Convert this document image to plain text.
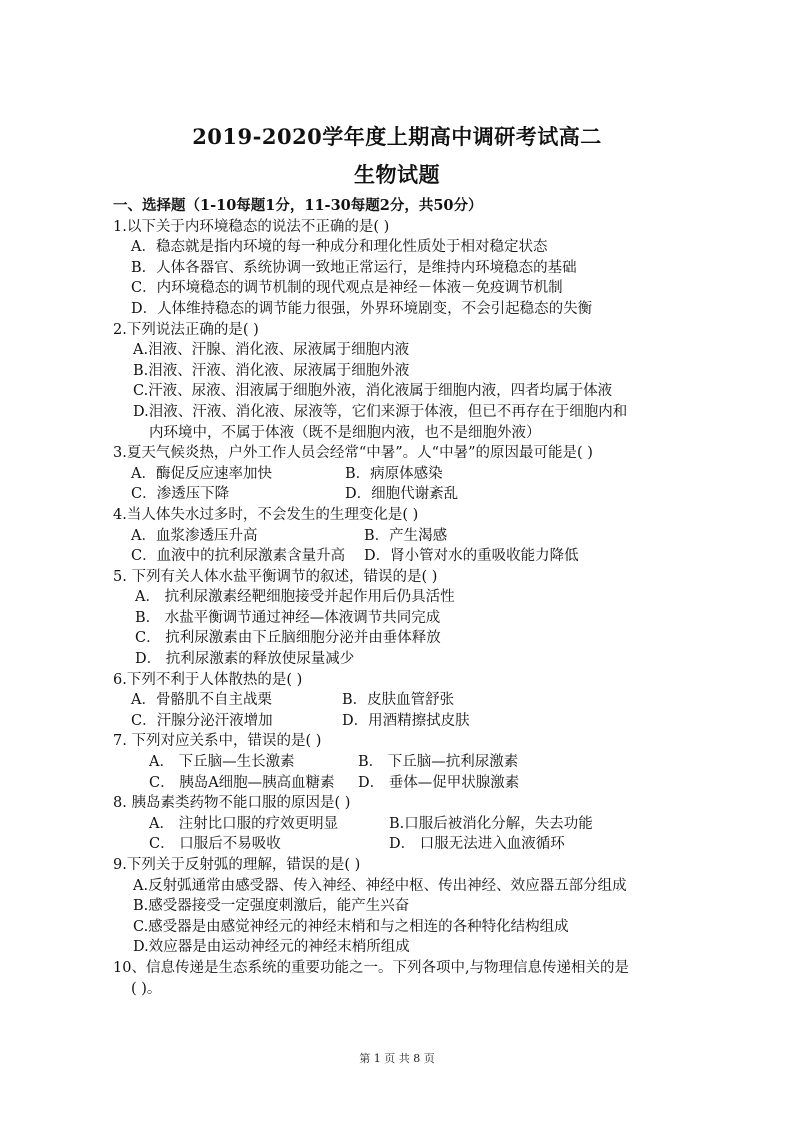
2019-2020学年度上期高中调研考试高二
生物试题
一、选择题（1-10每题1分，11-30每题2分，共50分）
1.以下关于内环境稳态的说法不正确的是( )
A．稳态就是指内环境的每一种成分和理化性质处于相对稳定状态
B．人体各器官、系统协调一致地正常运行，是维持内环境稳态的基础
C．内环境稳态的调节机制的现代观点是神经－体液－免疫调节机制
D．人体维持稳态的调节能力很强，外界环境剧变，不会引起稳态的失衡
2.下列说法正确的是( )
A.泪液、汗腺、消化液、尿液属于细胞内液
B.泪液、汗液、消化液、尿液属于细胞外液
C.汗液、尿液、泪液属于细胞外液，消化液属于细胞内液，四者均属于体液
D.泪液、汗液、消化液、尿液等，它们来源于体液，但已不再存在于细胞内和
内环境中，不属于体液（既不是细胞内液，也不是细胞外液）
3.夏天气候炎热，户外工作人员会经常“中暑”。人“中暑”的原因最可能是( )
A．酶促反应速率加快	B．病原体感染
C．渗透压下降	D．细胞代谢紊乱
4.当人体失水过多时，不会发生的生理变化是( )
A．血浆渗透压升高	B．产生渴感
C．血液中的抗利尿激素含量升高	D．肾小管对水的重吸收能力降低
5. 下列有关人体水盐平衡调节的叙述，错误的是( )
A． 抗利尿激素经靶细胞接受并起作用后仍具活性
B． 水盐平衡调节通过神经—体液调节共同完成
C． 抗利尿激素由下丘脑细胞分泌并由垂体释放
D． 抗利尿激素的释放使尿量减少
6.下列不利于人体散热的是( )
A．骨骼肌不自主战栗	B．皮肤血管舒张
C．汗腺分泌汗液增加	D．用酒精擦拭皮肤
7. 下列对应关系中，错误的是( )
A． 下丘脑—生长激素	B． 下丘脑—抗利尿激素
C． 胰岛A细胞—胰高血糖素	D． 垂体—促甲状腺激素
8. 胰岛素类药物不能口服的原因是( )
A． 注射比口服的疗效更明显	B.口服后被消化分解，失去功能
C． 口服后不易吸收	D． 口服无法进入血液循环
9.下列关于反射弧的理解，错误的是( )
A.反射弧通常由感受器、传入神经、神经中枢、传出神经、效应器五部分组成
B.感受器接受一定强度刺激后，能产生兴奋
C.感受器是由感觉神经元的神经末梢和与之相连的各种特化结构组成
D.效应器是由运动神经元的神经末梢所组成
10、信息传递是生态系统的重要功能之一。下列各项中,与物理信息传递相关的是
( )。
第 1 页 共 8 页
